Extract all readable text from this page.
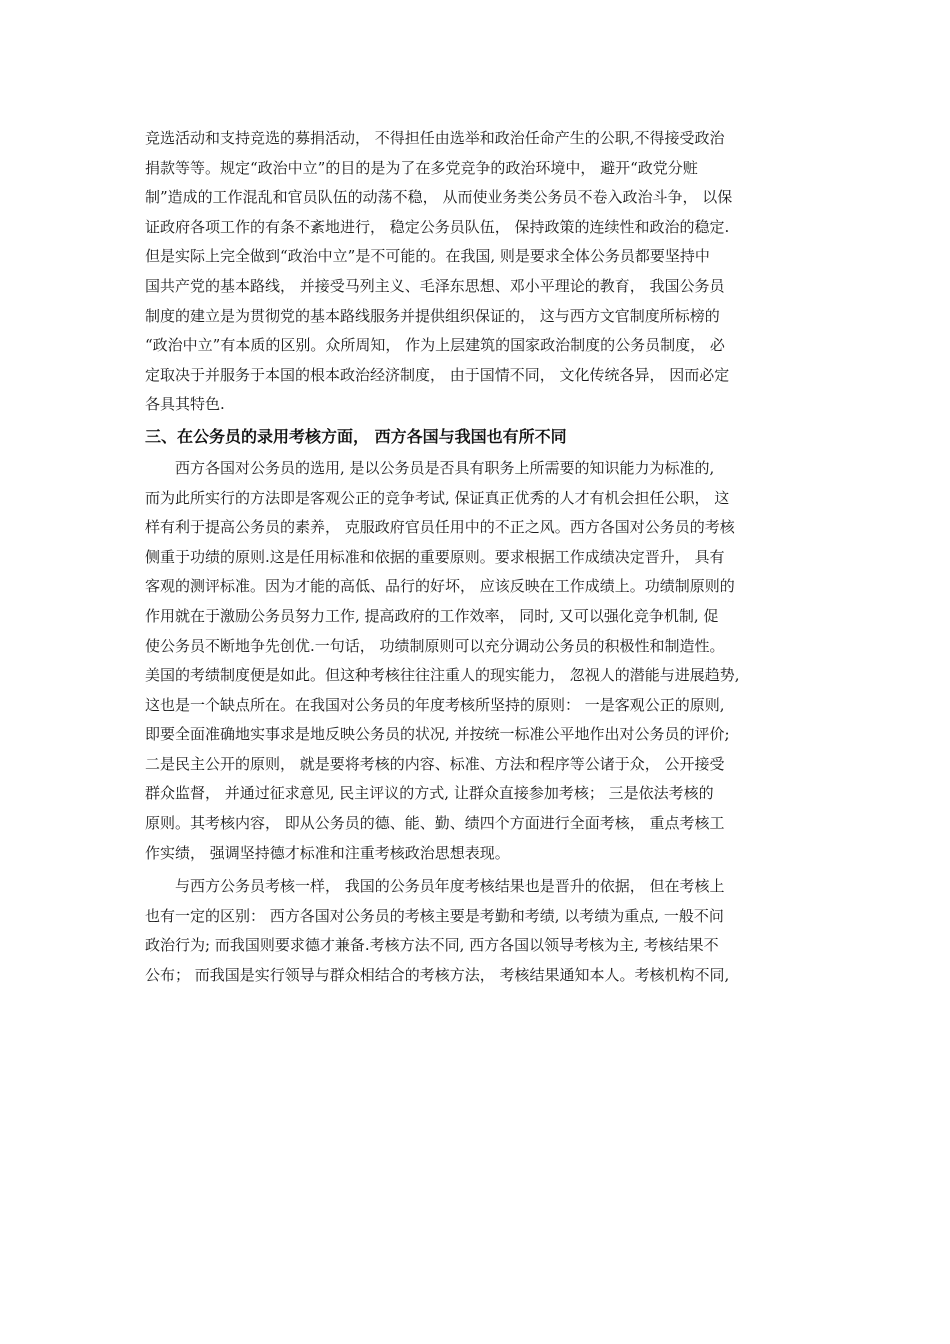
竞选活动和支持竞选的募捐活动， 不得担任由选举和政治任命产生的公职,不得接受政治
捐款等等。规定“政治中立”的目的是为了在多党竞争的政治环境中， 避开“政党分赃
制”造成的工作混乱和官员队伍的动荡不稳， 从而使业务类公务员不卷入政治斗争， 以保
证政府各项工作的有条不紊地进行， 稳定公务员队伍， 保持政策的连续性和政治的稳定.
但是实际上完全做到“政治中立”是不可能的。在我国, 则是要求全体公务员都要坚持中
国共产党的基本路线， 并接受马列主义、毛泽东思想、邓小平理论的教育， 我国公务员
制度的建立是为贯彻党的基本路线服务并提供组织保证的， 这与西方文官制度所标榜的
“政治中立”有本质的区别。众所周知， 作为上层建筑的国家政治制度的公务员制度， 必
定取决于并服务于本国的根本政治经济制度， 由于国情不同， 文化传统各异， 因而必定
各具其特色.
三、在公务员的录用考核方面， 西方各国与我国也有所不同
西方各国对公务员的选用, 是以公务员是否具有职务上所需要的知识能力为标准的,
而为此所实行的方法即是客观公正的竞争考试, 保证真正优秀的人才有机会担任公职， 这
样有利于提高公务员的素养， 克服政府官员任用中的不正之风。西方各国对公务员的考核
侧重于功绩的原则.这是任用标准和依据的重要原则。要求根据工作成绩决定晋升， 具有
客观的测评标准。因为才能的高低、品行的好坏， 应该反映在工作成绩上。功绩制原则的
作用就在于激励公务员努力工作, 提高政府的工作效率， 同时, 又可以强化竞争机制, 促
使公务员不断地争先创优.一句话， 功绩制原则可以充分调动公务员的积极性和制造性。
美国的考绩制度便是如此。但这种考核往往注重人的现实能力， 忽视人的潜能与进展趋势,
这也是一个缺点所在。在我国对公务员的年度考核所坚持的原则： 一是客观公正的原则,
即要全面准确地实事求是地反映公务员的状况, 并按统一标准公平地作出对公务员的评价;
二是民主公开的原则， 就是要将考核的内容、标准、方法和程序等公诸于众， 公开接受
群众监督， 并通过征求意见, 民主评议的方式, 让群众直接参加考核； 三是依法考核的
原则。其考核内容， 即从公务员的德、能、勤、绩四个方面进行全面考核， 重点考核工
作实绩， 强调坚持德才标准和注重考核政治思想表现。
与西方公务员考核一样， 我国的公务员年度考核结果也是晋升的依据， 但在考核上
也有一定的区别： 西方各国对公务员的考核主要是考勤和考绩, 以考绩为重点, 一般不问
政治行为; 而我国则要求德才兼备.考核方法不同, 西方各国以领导考核为主, 考核结果不
公布； 而我国是实行领导与群众相结合的考核方法， 考核结果通知本人。考核机构不同,
